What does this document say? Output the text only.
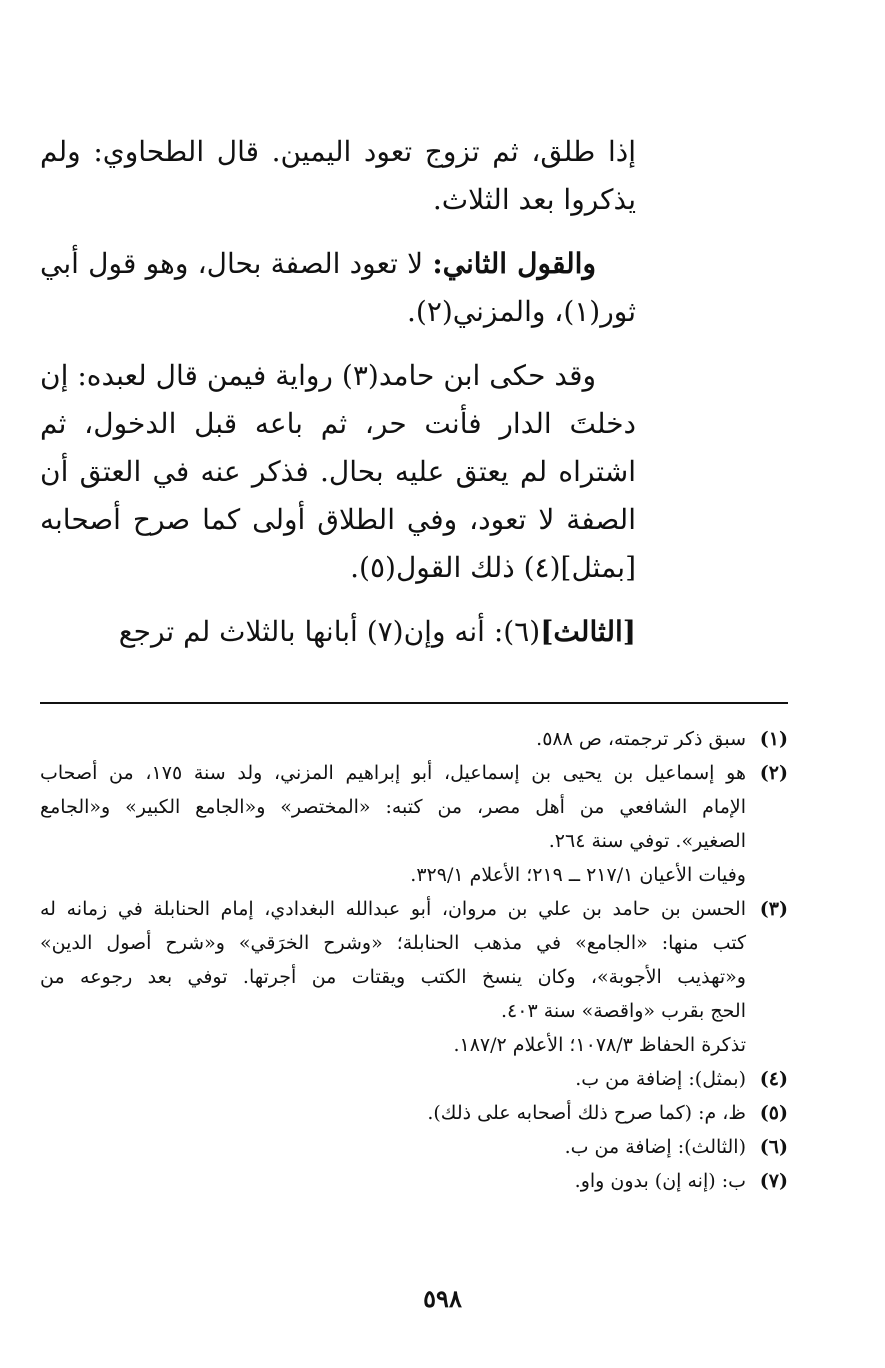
إذا طلق، ثم تزوج تعود اليمين. قال الطحاوي: ولم يذكروا بعد الثلاث.

والقول الثاني: لا تعود الصفة بحال، وهو قول أبي ثور(١)، والمزني(٢).

وقد حكى ابن حامد(٣) رواية فيمن قال لعبده: إن دخلتَ الدار فأنت حر، ثم باعه قبل الدخول، ثم اشتراه لم يعتق عليه بحال. فذكر عنه في العتق أن الصفة لا تعود، وفي الطلاق أولى كما صرح أصحابه [بمثل](٤) ذلك القول(٥).

[الثالث](٦): أنه وإن(٧) أبانها بالثلاث لم ترجع

(١)
سبق ذكر ترجمته، ص ٥٨٨.
(٢)
هو إسماعيل بن يحيى بن إسماعيل، أبو إبراهيم المزني، ولد سنة ١٧٥، من أصحاب
الإمام الشافعي من أهل مصر، من كتبه: «المختصر» و«الجامع الكبير» و«الجامع
الصغير». توفي سنة ٢٦٤.
وفيات الأعيان ٢١٧/١ ــ ٢١٩؛ الأعلام ٣٢٩/١.
(٣)
الحسن بن حامد بن علي بن مروان، أبو عبدالله البغدادي، إمام الحنابلة في زمانه له
كتب منها: «الجامع» في مذهب الحنابلة؛ «وشرح الخرَقي» و«شرح أصول الدين»
و«تهذيب الأجوبة»، وكان ينسخ الكتب ويقتات من أجرتها. توفي بعد رجوعه من
الحج بقرب «واقصة» سنة ٤٠٣.
تذكرة الحفاظ ١٠٧٨/٣؛ الأعلام ١٨٧/٢.
(٤)
(بمثل): إضافة من ب.
(٥)
ظ، م: (كما صرح ذلك أصحابه على ذلك).
(٦)
(الثالث): إضافة من ب.
(٧)
ب: (إنه إن) بدون واو.
٥٩٨
